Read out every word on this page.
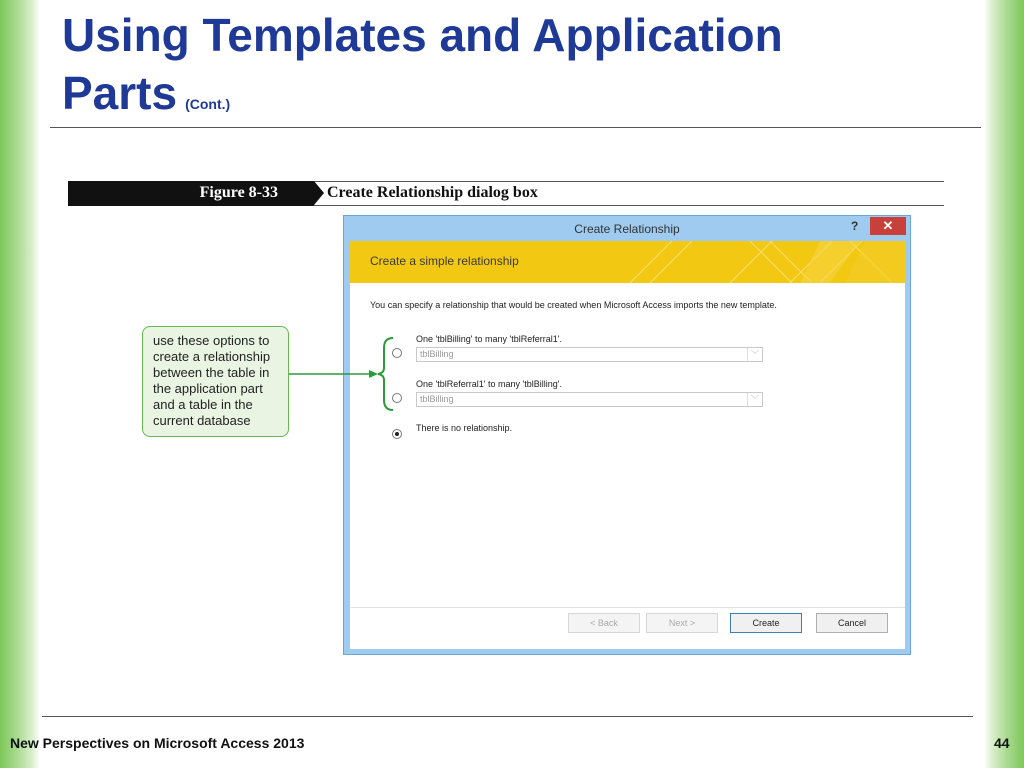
Using Templates and Application
Parts (Cont.)
Figure 8-33	Create Relationship dialog box
Create Relationship	?	✕
Create a simple relationship
You can specify a relationship that would be created when Microsoft Access imports the new template.
One 'tblBilling' to many 'tblReferral1'.
tblBilling	﹀
One 'tblReferral1' to many 'tblBilling'.
tblBilling	﹀
There is no relationship.
< Back	Next >	Create	Cancel
use these options to create a relationship between the table in the application part and a table in the current database
New Perspectives on Microsoft Access 2013	44
